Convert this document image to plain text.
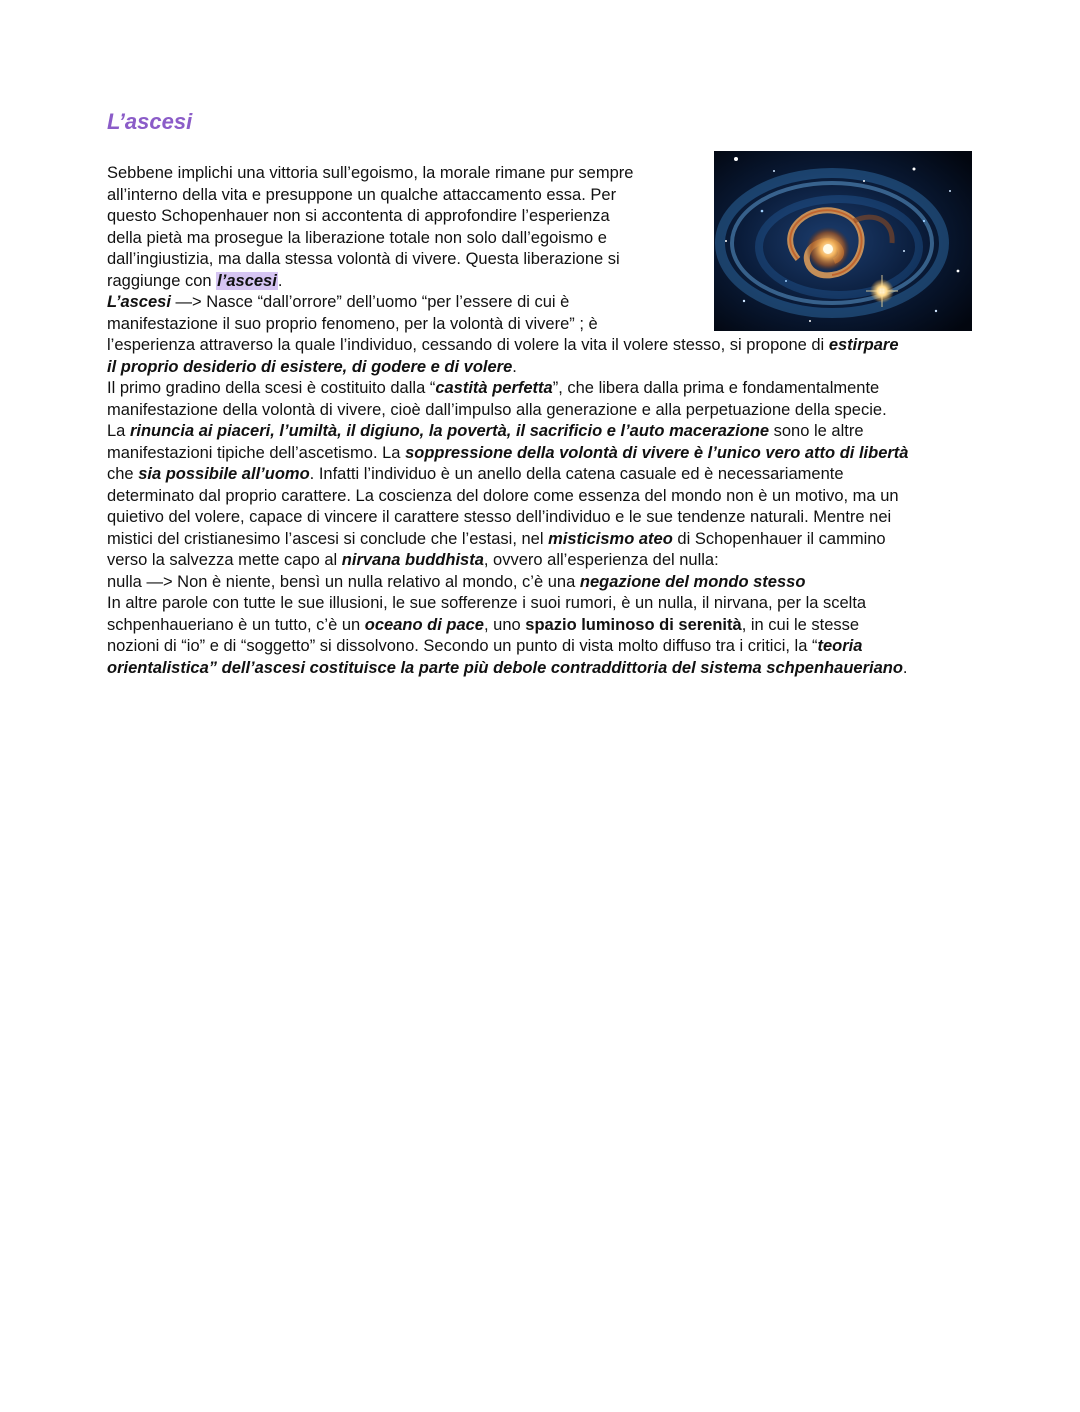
L’ascesi

Sebbene implichi una vittoria sull’egoismo, la morale rimane pur sempre

all’interno della vita e presuppone un qualche attaccamento essa. Per

questo Schopenhauer non si accontenta di approfondire l’esperienza

della pietà ma prosegue la liberazione totale non solo dall’egoismo e

dall’ingiustizia, ma dalla stessa volontà di vivere. Questa liberazione si

raggiunge con l’ascesi.

L’ascesi —> Nasce “dall’orrore” dell’uomo “per l’essere di cui è

manifestazione il suo proprio fenomeno, per la volontà di vivere” ; è

l’esperienza attraverso la quale l’individuo, cessando di volere la vita il volere stesso, si propone di estirpare

il proprio desiderio di esistere, di godere e di volere.

Il primo gradino della scesi è costituito dalla “castità perfetta”, che libera dalla prima e fondamentalmente

manifestazione della volontà di vivere, cioè dall’impulso alla generazione e alla perpetuazione della specie.

La rinuncia ai piaceri, l’umiltà, il digiuno, la povertà, il sacrificio e l’auto macerazione sono le altre

manifestazioni tipiche dell’ascetismo. La soppressione della volontà di vivere è l’unico vero atto di libertà

che sia possibile all’uomo. Infatti l’individuo è un anello della catena casuale ed è necessariamente

determinato dal proprio carattere. La coscienza del dolore come essenza del mondo non è un motivo, ma un

quietivo del volere, capace di vincere il carattere stesso dell’individuo e le sue tendenze naturali. Mentre nei

mistici del cristianesimo l’ascesi si conclude che l’estasi, nel misticismo ateo di Schopenhauer il cammino

verso la salvezza mette capo al nirvana buddhista, ovvero all’esperienza del nulla:

nulla —> Non è niente, bensì un nulla relativo al mondo, c’è una negazione del mondo stesso

In altre parole con tutte le sue illusioni, le sue sofferenze i suoi rumori, è un nulla, il nirvana, per la scelta

schpenhaueriano è un tutto, c’è un oceano di pace, uno spazio luminoso di serenità, in cui le stesse

nozioni di “io” e di “soggetto” si dissolvono. Secondo un punto di vista molto diffuso tra i critici, la “teoria

orientalistica” dell’ascesi costituisce la parte più debole contraddittoria del sistema schpenhaueriano.
